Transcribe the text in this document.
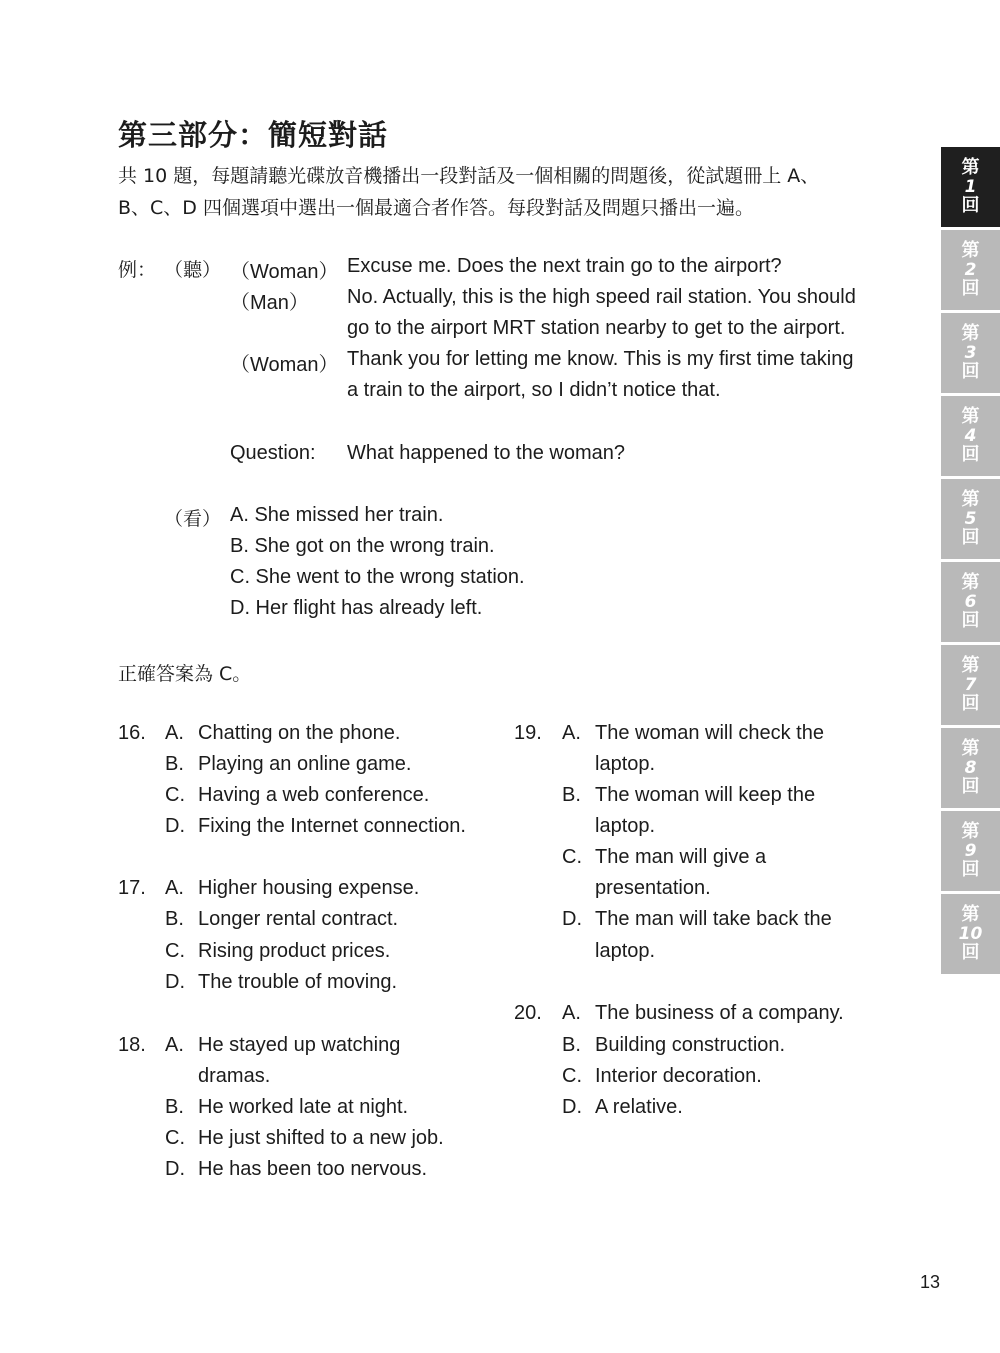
第三部分：簡短對話
共 10 題，每題請聽光碟放音機播出一段對話及一個相關的問題後，從試題冊上 A、
B、C、D 四個選項中選出一個最適合者作答。每段對話及問題只播出一遍。
例： （聽） （Woman） Excuse me. Does the next train go to the airport?
（Man） No. Actually, this is the high speed rail station. You should
go to the airport MRT station nearby to get to the airport.
（Woman） Thank you for letting me know. This is my first time taking
a train to the airport, so I didn’t notice that.
Question: What happened to the woman?
（看） A. She missed her train.
B. She got on the wrong train.
C. She went to the wrong station.
D. Her flight has already left.
正確答案為 C。
16. A. Chatting on the phone.
B. Playing an online game.
C. Having a web conference.
D. Fixing the Internet connection.
17. A. Higher housing expense.
B. Longer rental contract.
C. Rising product prices.
D. The trouble of moving.
18. A. He stayed up watching
dramas.
B. He worked late at night.
C. He just shifted to a new job.
D. He has been too nervous.
19. A. The woman will check the
laptop.
B. The woman will keep the
laptop.
C. The man will give a
presentation.
D. The man will take back the
laptop.
20. A. The business of a company.
B. Building construction.
C. Interior decoration.
D. A relative.
第
1
回
第
2
回
第
3
回
第
4
回
第
5
回
第
6
回
第
7
回
第
8
回
第
9
回
第
10
回
13
